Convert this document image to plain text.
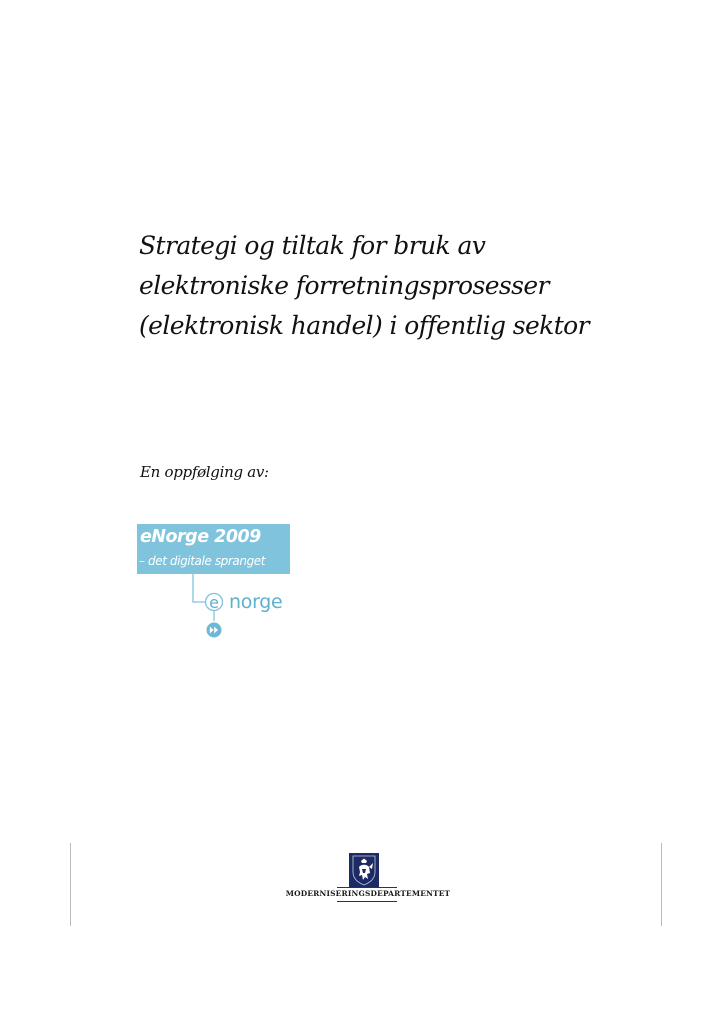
Strategi og tiltak for bruk av
elektroniske forretningsprosesser
(elektronisk handel) i offentlig sektor
En oppfølging av:
eNorge 2009
– det digitale spranget
e norge
MODERNISERINGSDEPARTEMENTET
